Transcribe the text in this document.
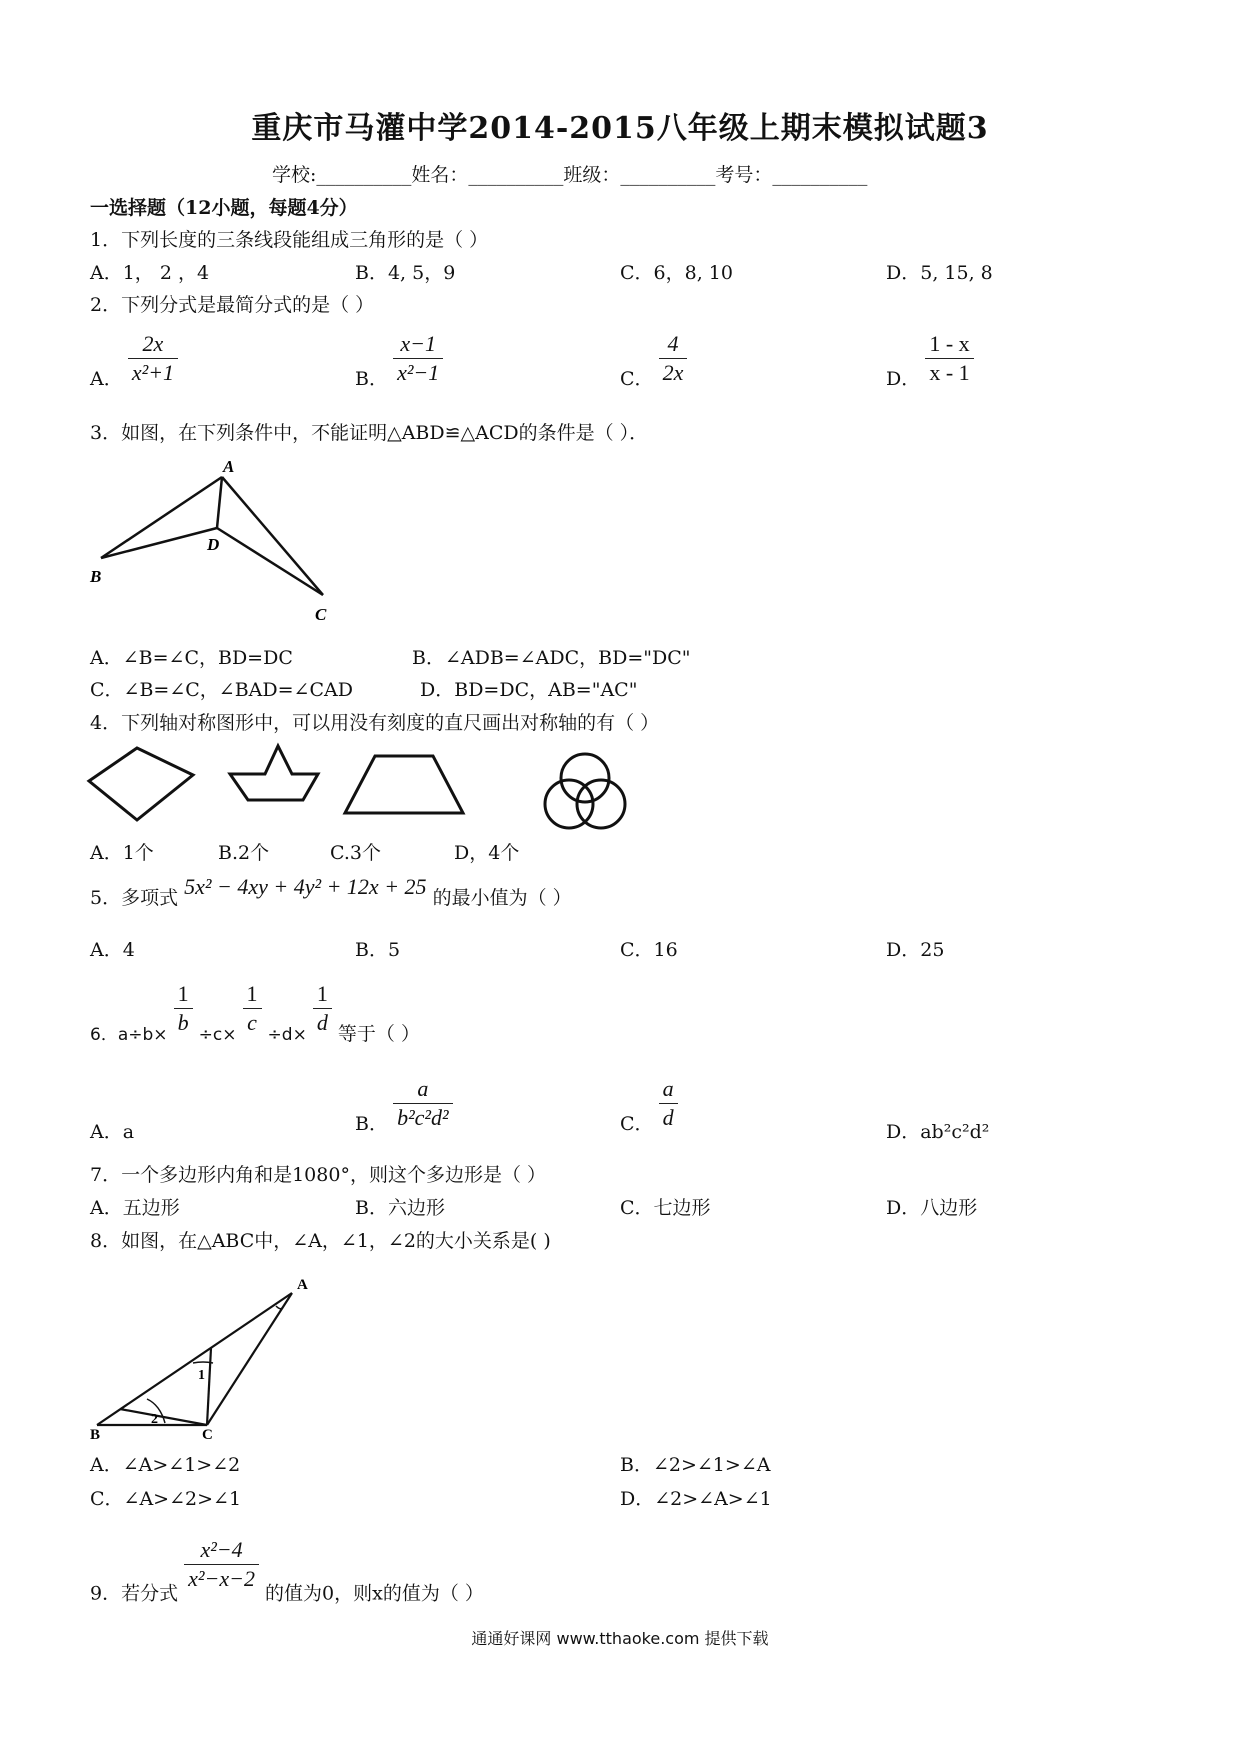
重庆市马灌中学2014-2015八年级上期末模拟试题3
学校:__________姓名：__________班级：__________考号：__________
一选择题（12小题，每题4分）
1．下列长度的三条线段能组成三角形的是（ ）
A．1， 2 ，4	B．4, 5，9	C．6，8, 10	D．5, 15, 8
2．下列分式是最简分式的是（ ）
A． $\frac{2x}{\text{x²+1}}$	B． $\frac{x-1}{\text{x²−1}}$	C． $\frac{4}{2x}$	D． $\frac{1 - x}{x - 1}$
3．如图，在下列条件中，不能证明△ABD≌△ACD的条件是（ ）．
A
B
C
D
A．∠B=∠C，BD=DC	B．∠ADB=∠ADC，BD="DC"
C．∠B=∠C，∠BAD=∠CAD	D．BD=DC，AB="AC"
4．下列轴对称图形中，可以用没有刻度的直尺画出对称轴的有（ ）
A．1个	B.2个	C.3个	D，4个
5．多项式 5x² − 4xy + 4y² + 12x + 25 的最小值为（ ）
A．4	B．5	C．16	D．25
6．$a\div b\times \frac{1}{b} \div c\times \frac{1}{c} \div d\times \frac{1}{d}$ 等于（ ）
A．a	B． $\frac{a}{\text{b²c²d²}}$	C． $\frac{a}{d}$	D．ab²c²d²
7．一个多边形内角和是1080°，则这个多边形是（ ）
A．五边形	B．六边形	C．七边形	D．八边形
8．如图，在△ABC中，∠A，∠1，∠2的大小关系是( )
A
B	C
1
2
A．∠A>∠1>∠2	B．∠2>∠1>∠A
C．∠A>∠2>∠1	D．∠2>∠A>∠1
9．若分式
$\frac{\text{x²−4}}{\text{x²−x−2}}$
的值为0，则x的值为（ ）
通通好课网 www.tthaoke.com 提供下载
